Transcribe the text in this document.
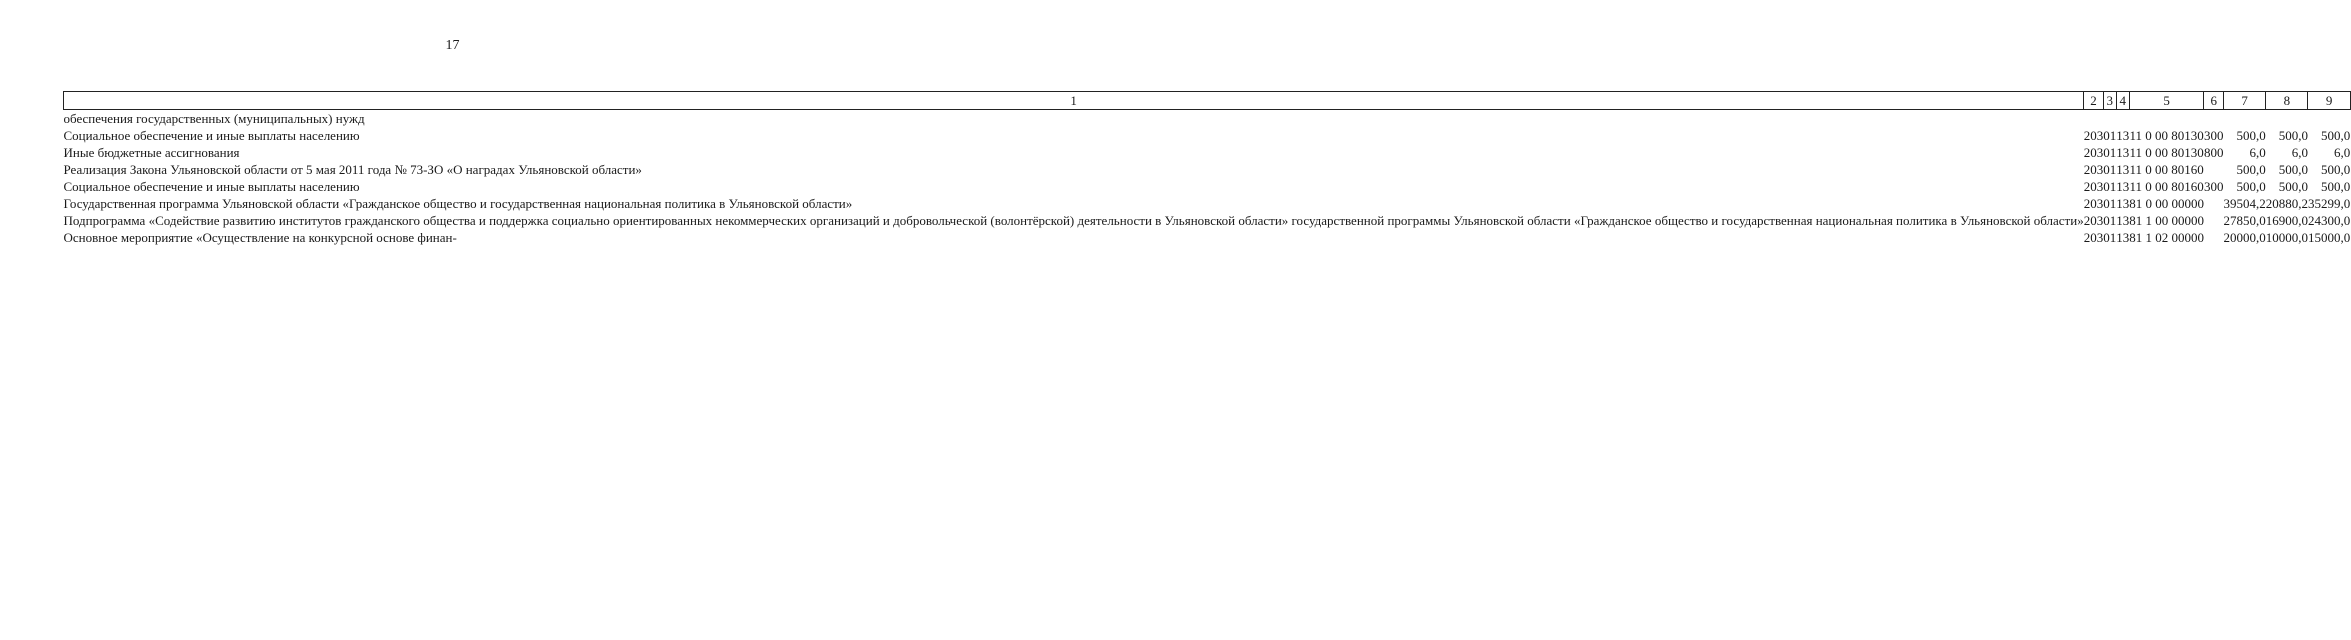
17
1	2	3	4	5	6	7	8	9
обеспечения государственных (муниципальных) нужд								
Социальное обеспечение и иные выплаты населению	203	01	13	11 0 00 80130	300	500,0	500,0	500,0
Иные бюджетные ассигнования	203	01	13	11 0 00 80130	800	6,0	6,0	6,0
Реализация Закона Ульяновской области от 5 мая 2011 года № 73-ЗО «О наградах Ульяновской области»	203	01	13	11 0 00 80160		500,0	500,0	500,0
Социальное обеспечение и иные выплаты населению	203	01	13	11 0 00 80160	300	500,0	500,0	500,0
Государственная программа Ульяновской области «Гражданское общество и государственная национальная политика в Ульяновской области»	203	01	13	81 0 00 00000		39504,2	20880,2	35299,0
Подпрограмма «Содействие развитию институтов гражданского общества и поддержка социально ориентированных некоммерческих организаций и добровольческой (волонтёрской) деятельности в Ульяновской области» государственной программы Ульяновской области «Гражданское общество и государственная национальная политика в Ульяновской области»	203	01	13	81 1 00 00000		27850,0	16900,0	24300,0
Основное мероприятие «Осуществление на конкурсной основе финан-	203	01	13	81 1 02 00000		20000,0	10000,0	15000,0
